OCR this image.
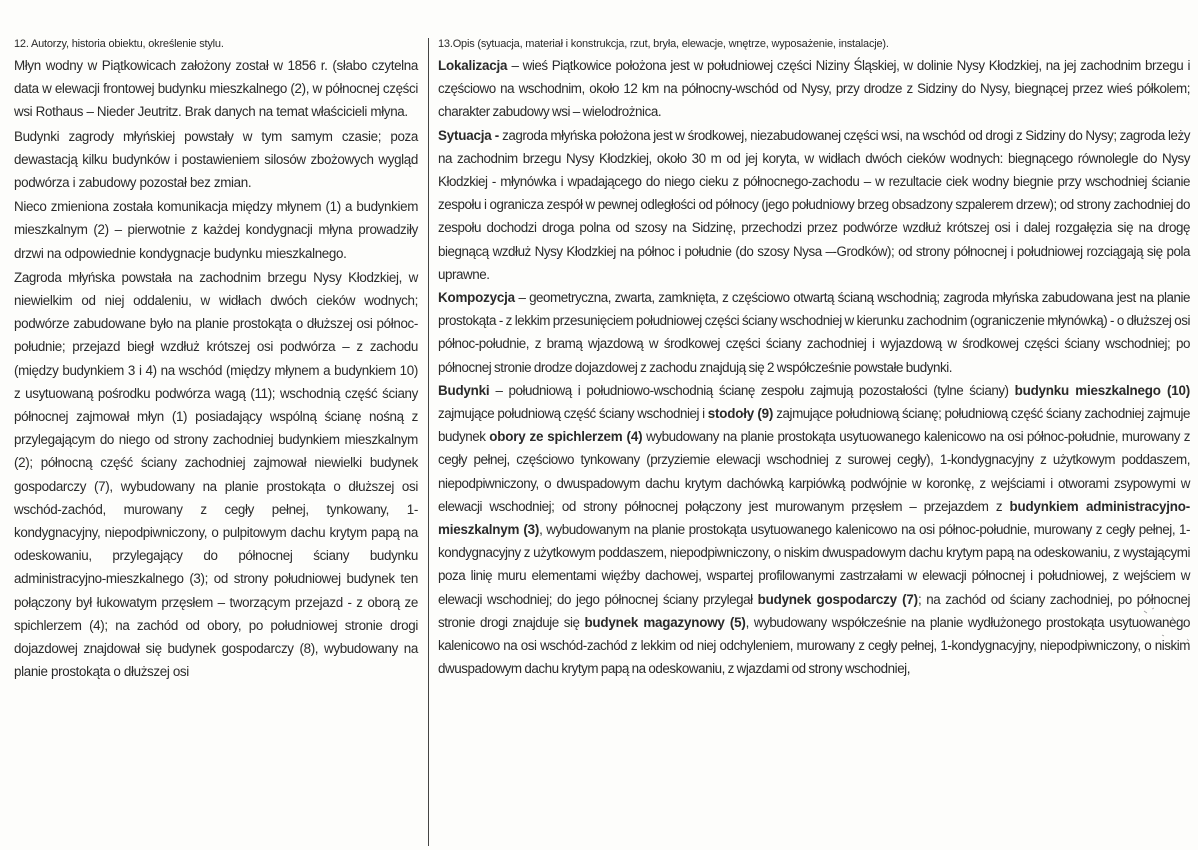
12. Autorzy, historia obiektu, określenie stylu.

Młyn wodny w Piątkowicach założony został w 1856 r. (słabo czytelna data w elewacji frontowej budynku mieszkalnego (2), w północnej części wsi Rothaus – Nieder Jeutritz. Brak danych na temat właścicieli młyna.

Budynki zagrody młyńskiej powstały w tym samym czasie; poza dewastacją kilku budynków i postawieniem silosów zbożowych wygląd podwórza i zabudowy pozostał bez zmian.

Nieco zmieniona została komunikacja między młynem (1) a budynkiem mieszkalnym (2) – pierwotnie z każdej kondygnacji młyna prowadziły drzwi na odpowiednie kondygnacje budynku mieszkalnego.

Zagroda młyńska powstała na zachodnim brzegu Nysy Kłodzkiej, w niewielkim od niej oddaleniu, w widłach dwóch cieków wodnych; podwórze zabudowane było na planie prostokąta o dłuższej osi północ-południe; przejazd biegł wzdłuż krótszej osi podwórza – z zachodu (między budynkiem 3 i 4) na wschód (między młynem a budynkiem 10) z usytuowaną pośrodku podwórza wagą (11); wschodnią część ściany północnej zajmował młyn (1) posiadający wspólną ścianę nośną z przylegającym do niego od strony zachodniej budynkiem mieszkalnym (2); północną część ściany zachodniej zajmował niewielki budynek gospodarczy (7), wybudowany na planie prostokąta o dłuższej osi wschód-zachód, murowany z cegły pełnej, tynkowany, 1-kondygnacyjny, niepodpiwniczony, o pulpitowym dachu krytym papą na odeskowaniu, przylegający do północnej ściany budynku administracyjno-mieszkalnego (3); od strony południowej budynek ten połączony był łukowatym przęsłem – tworzącym przejazd - z oborą ze spichlerzem (4); na zachód od obory, po południowej stronie drogi dojazdowej znajdował się budynek gospodarczy (8), wybudowany na planie prostokąta o dłuższej osi

13.Opis (sytuacja, materiał i konstrukcja, rzut, bryła, elewacje, wnętrze, wyposażenie, instalacje).

Lokalizacja – wieś Piątkowice położona jest w południowej części Niziny Śląskiej, w dolinie Nysy Kłodzkiej, na jej zachodnim brzegu i częściowo na wschodnim, około 12 km na północny-wschód od Nysy, przy drodze z Sidziny do Nysy, biegnącej przez wieś półkolem; charakter zabudowy wsi – wielodrożnica.

Sytuacja - zagroda młyńska położona jest w środkowej, niezabudowanej części wsi, na wschód od drogi z Sidziny do Nysy; zagroda leży na zachodnim brzegu Nysy Kłodzkiej, około 30 m od jej koryta, w widłach dwóch cieków wodnych: biegnącego równolegle do Nysy Kłodzkiej - młynówka i wpadającego do niego cieku z północnego-zachodu – w rezultacie ciek wodny biegnie przy wschodniej ścianie zespołu i ogranicza zespół w pewnej odległości od północy (jego południowy brzeg obsadzony szpalerem drzew); od strony zachodniej do zespołu dochodzi droga polna od szosy na Sidzinę, przechodzi przez podwórze wzdłuż krótszej osi i dalej rozgałęzia się na drogę biegnącą wzdłuż Nysy Kłodzkiej na północ i południe (do szosy Nysa –-Grodków); od strony północnej i południowej rozciągają się pola uprawne.

Kompozycja – geometryczna, zwarta, zamknięta, z częściowo otwartą ścianą wschodnią; zagroda młyńska zabudowana jest na planie prostokąta - z lekkim przesunięciem południowej części ściany wschodniej w kierunku zachodnim (ograniczenie młynówką) - o dłuższej osi północ-południe, z bramą wjazdową w środkowej części ściany zachodniej i wyjazdową w środkowej części ściany wschodniej; po północnej stronie drodze dojazdowej z zachodu znajdują się 2 współcześnie powstałe budynki.

Budynki – południową i południowo-wschodnią ścianę zespołu zajmują pozostałości (tylne ściany) budynku mieszkalnego (10) zajmujące południową część ściany wschodniej i stodoły (9) zajmujące południową ścianę; południową część ściany zachodniej zajmuje budynek obory ze spichlerzem (4) wybudowany na planie prostokąta usytuowanego kalenicowo na osi północ-południe, murowany z cegły pełnej, częściowo tynkowany (przyziemie elewacji wschodniej z surowej cegły), 1-kondygnacyjny z użytkowym poddaszem, niepodpiwniczony, o dwuspadowym dachu krytym dachówką karpiówką podwójnie w koronkę, z wejściami i otworami zsypowymi w elewacji wschodniej; od strony północnej połączony jest murowanym przęsłem – przejazdem z budynkiem administracyjno-mieszkalnym (3), wybudowanym na planie prostokąta usytuowanego kalenicowo na osi północ-południe, murowany z cegły pełnej, 1-kondygnacyjny z użytkowym poddaszem, niepodpiwniczony, o niskim dwuspadowym dachu krytym papą na odeskowaniu, z wystającymi poza linię muru elementami więźby dachowej, wspartej profilowanymi zastrzałami w elewacji północnej i południowej, z wejściem w elewacji wschodniej; do jego północnej ściany przylegał budynek gospodarczy (7); na zachód od ściany zachodniej, po północnej stronie drogi znajduje się budynek magazynowy (5), wybudowany współcześnie na planie wydłużonego prostokąta usytuowanego kalenicowo na osi wschód-zachód z lekkim od niej odchyleniem, murowany z cegły pełnej, 1-kondygnacyjny, niepodpiwniczony, o niskim dwuspadowym dachu krytym papą na odeskowaniu, z wjazdami od strony wschodniej,
